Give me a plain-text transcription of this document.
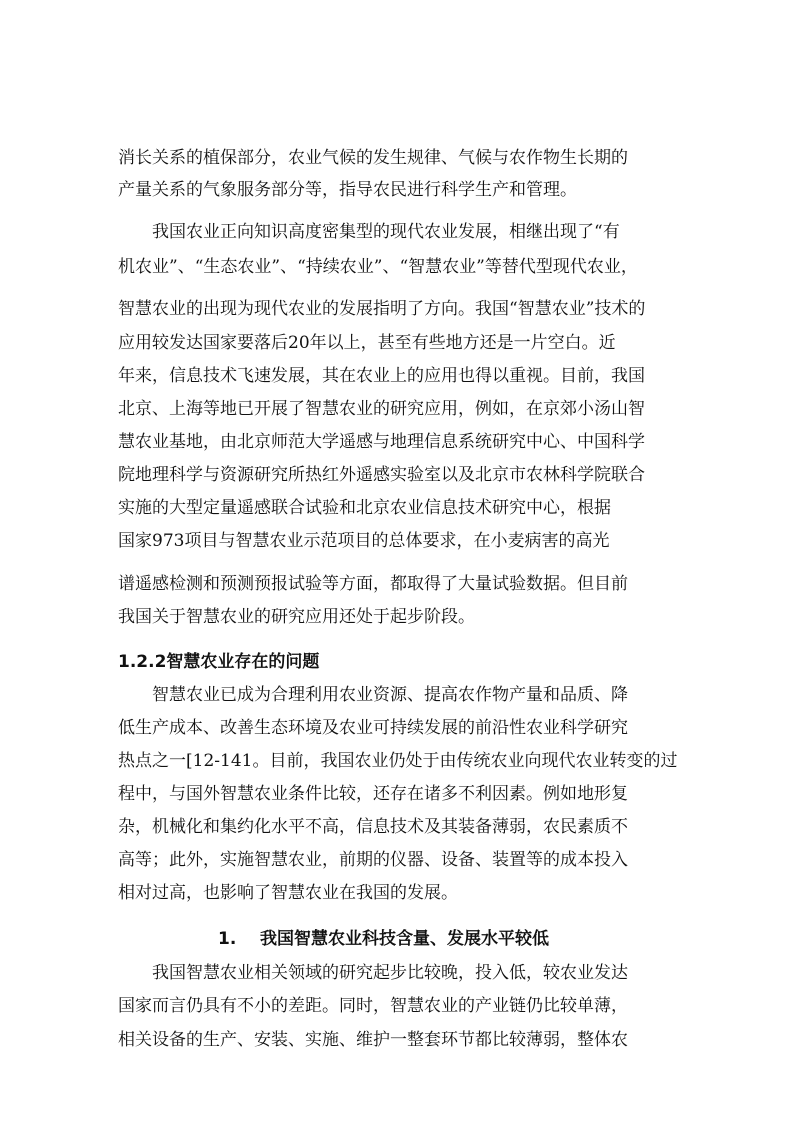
消长关系的植保部分，农业气候的发生规律、气候与农作物生长期的

产量关系的气象服务部分等，指导农民进行科学生产和管理。

我国农业正向知识高度密集型的现代农业发展，相继出现了“有

机农业”、“生态农业”、“持续农业”、“智慧农业”等替代型现代农业，

智慧农业的出现为现代农业的发展指明了方向。我国“智慧农业”技术的

应用较发达国家要落后20年以上，甚至有些地方还是一片空白。近

年来，信息技术飞速发展，其在农业上的应用也得以重视。目前，我国

北京、上海等地已开展了智慧农业的研究应用，例如，在京郊小汤山智

慧农业基地，由北京师范大学遥感与地理信息系统研究中心、中国科学

院地理科学与资源研究所热红外遥感实验室以及北京市农林科学院联合

实施的大型定量遥感联合试验和北京农业信息技术研究中心，根据

国家973项目与智慧农业示范项目的总体要求，在小麦病害的高光

谱遥感检测和预测预报试验等方面，都取得了大量试验数据。但目前

我国关于智慧农业的研究应用还处于起步阶段。

1.2.2智慧农业存在的问题

智慧农业已成为合理利用农业资源、提高农作物产量和品质、降

低生产成本、改善生态环境及农业可持续发展的前沿性农业科学研究

热点之一[12-141。目前，我国农业仍处于由传统农业向现代农业转变的过

程中，与国外智慧农业条件比较，还存在诸多不利因素。例如地形复

杂，机械化和集约化水平不高，信息技术及其装备薄弱，农民素质不

高等；此外，实施智慧农业，前期的仪器、设备、装置等的成本投入

相对过高，也影响了智慧农业在我国的发展。

1. 我国智慧农业科技含量、发展水平较低

我国智慧农业相关领域的研究起步比较晚，投入低，较农业发达

国家而言仍具有不小的差距。同时，智慧农业的产业链仍比较单薄，

相关设备的生产、安装、实施、维护一整套环节都比较薄弱，整体农
